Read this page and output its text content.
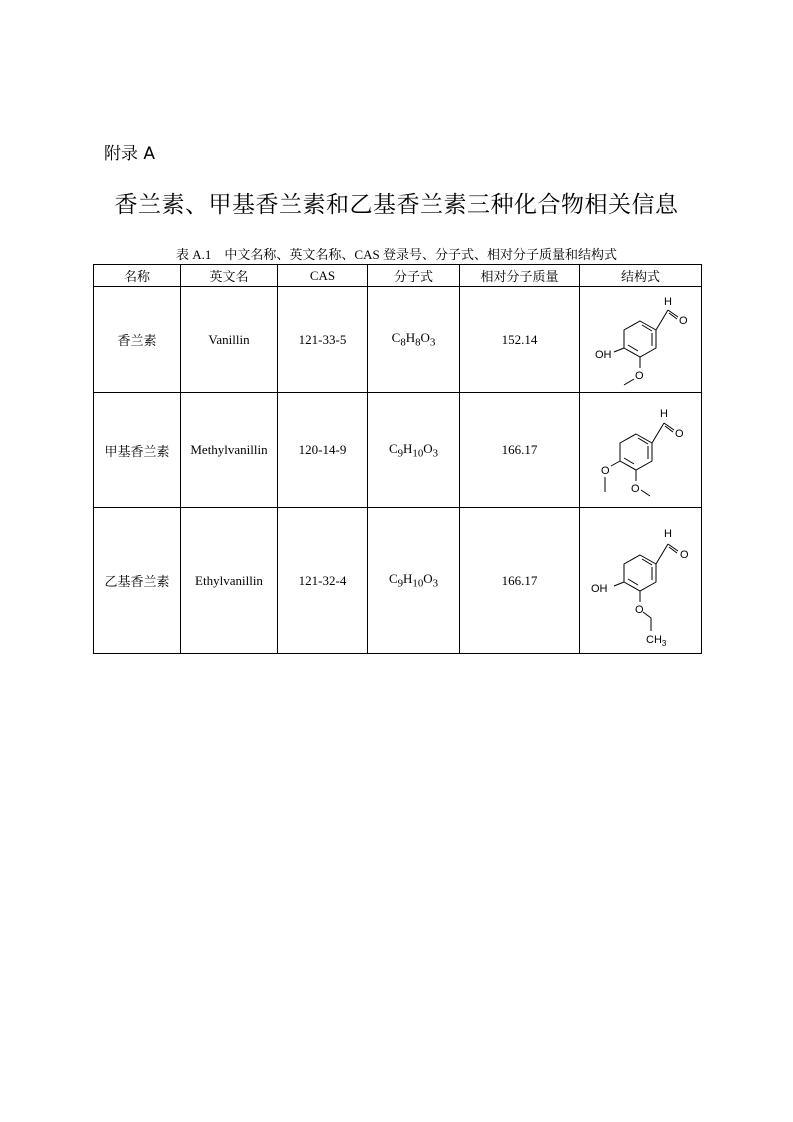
附录 A
香兰素、甲基香兰素和乙基香兰素三种化合物相关信息
表 A.1    中文名称、英文名称、CAS 登录号、分子式、相对分子质量和结构式
名称	英文名	CAS	分子式	相对分子质量	结构式
香兰素	Vanillin	121-33-5	$C_8H_8O_3$	152.14	H
O
OH
O

甲基香兰素	Methylvanillin	120-14-9	$C_9H_{10}O_3$	166.17	H
O
O
O

乙基香兰素	Ethylvanillin	121-32-4	$C_9H_{10}O_3$	166.17	H
O
OH
O
$CH_3$
